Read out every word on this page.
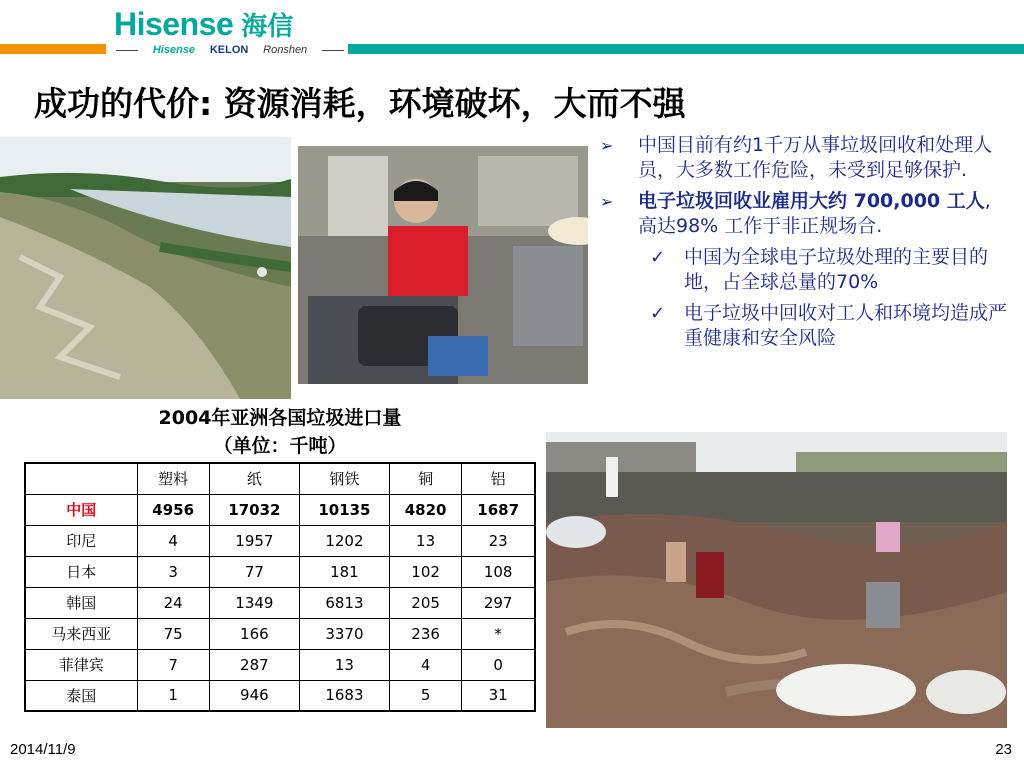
Hisense 海信
Hisense KELON Ronshen
成功的代价: 资源消耗，环境破坏，大而不强
➢ 中国目前有约1千万从事垃圾回收和处理人员，大多数工作危险，未受到足够保护.
➢ 电子垃圾回收业雇用大约 700,000 工人, 高达98% 工作于非正规场合.
✓ 中国为全球电子垃圾处理的主要目的地，占全球总量的70%
✓ 电子垃圾中回收对工人和环境均造成严重健康和安全风险
2004年亚洲各国垃圾进口量
（单位：千吨）
	塑料	纸	钢铁	铜	铝
中国	4956	17032	10135	4820	1687
印尼	4	1957	1202	13	23
日本	3	77	181	102	108
韩国	24	1349	6813	205	297
马来西亚	75	166	3370	236	*
菲律宾	7	287	13	4	0
泰国	1	946	1683	5	31
2014/11/9	23
